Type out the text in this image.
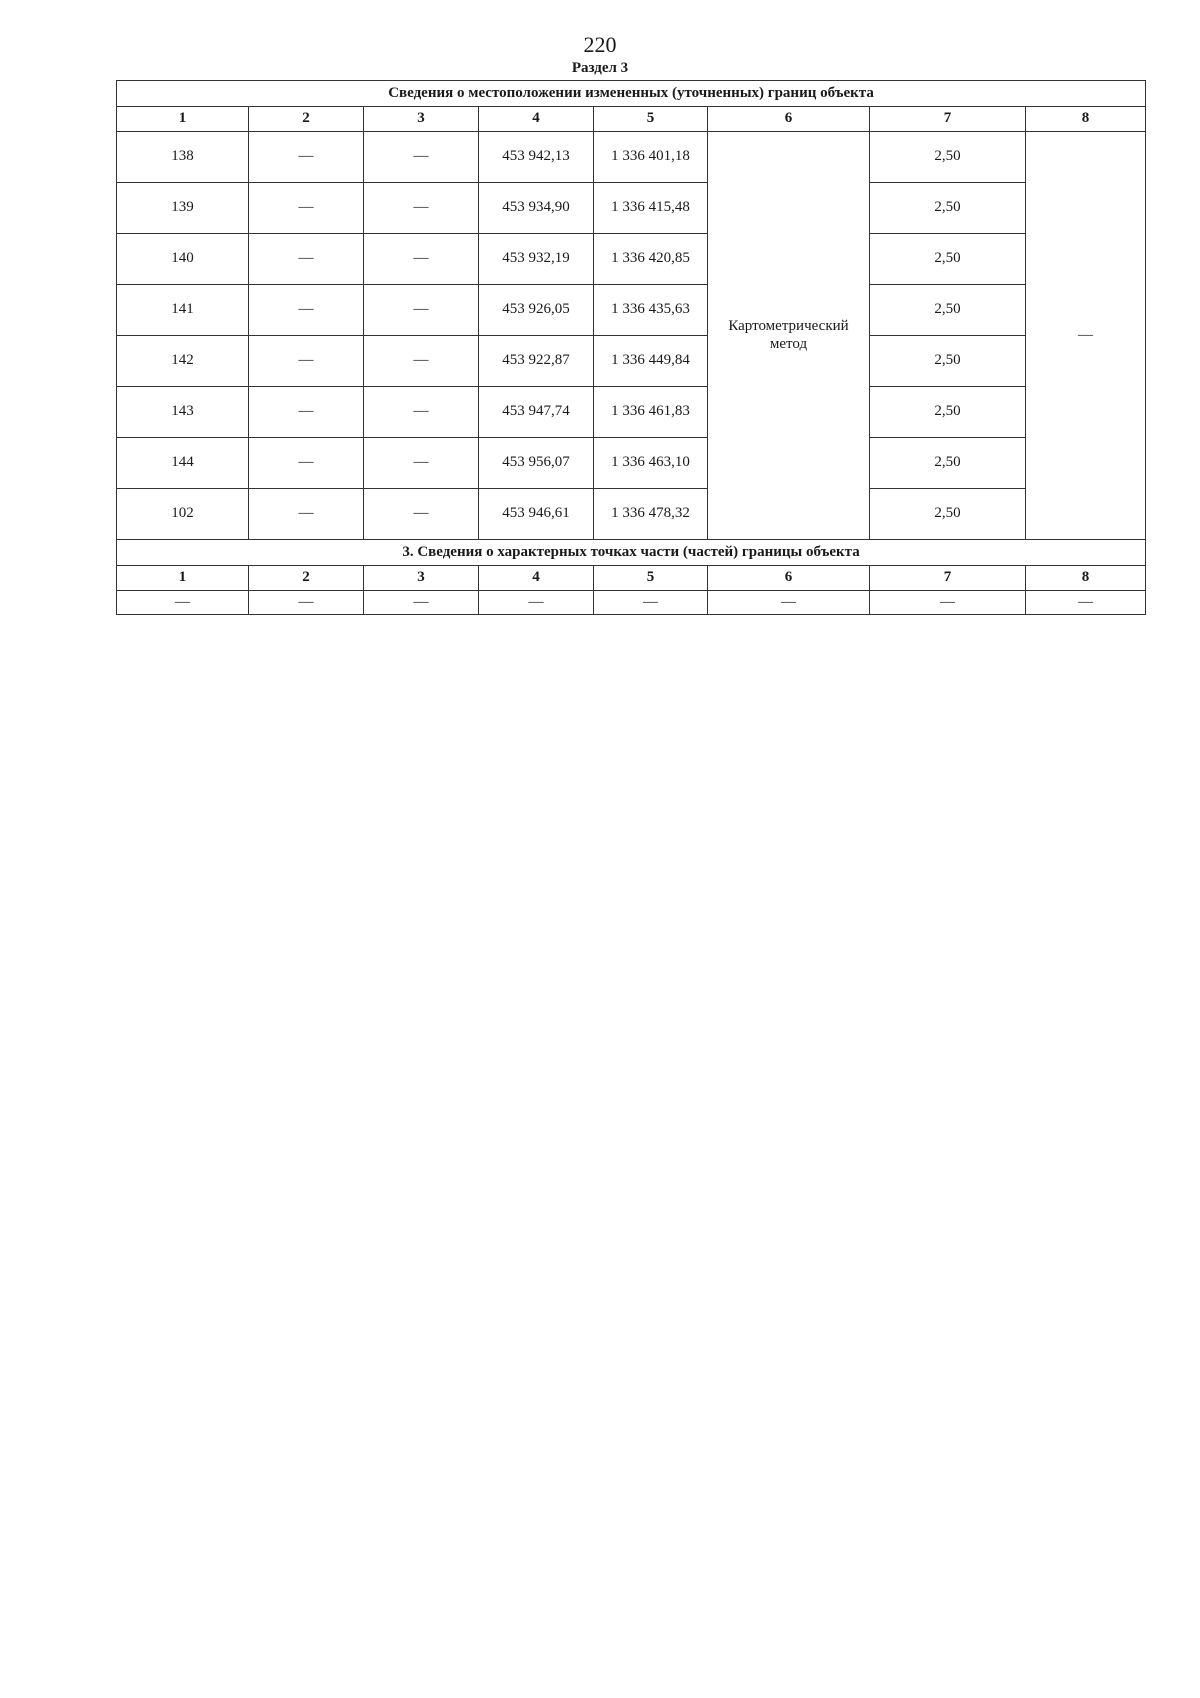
220
Раздел 3
Сведения о местоположении измененных (уточненных) границ объекта							
1	2	3	4	5	6	7	8
138	—	—	453 942,13	1 336 401,18	Картометрический метод	2,50	—
139	—	—	453 934,90	1 336 415,48		2,50	
140	—	—	453 932,19	1 336 420,85		2,50	
141	—	—	453 926,05	1 336 435,63		2,50	
142	—	—	453 922,87	1 336 449,84		2,50	
143	—	—	453 947,74	1 336 461,83		2,50	
144	—	—	453 956,07	1 336 463,10		2,50	
102	—	—	453 946,61	1 336 478,32		2,50	
3. Сведения о характерных точках части (частей) границы объекта							
1	2	3	4	5	6	7	8
—	—	—	—	—	—	—	—
